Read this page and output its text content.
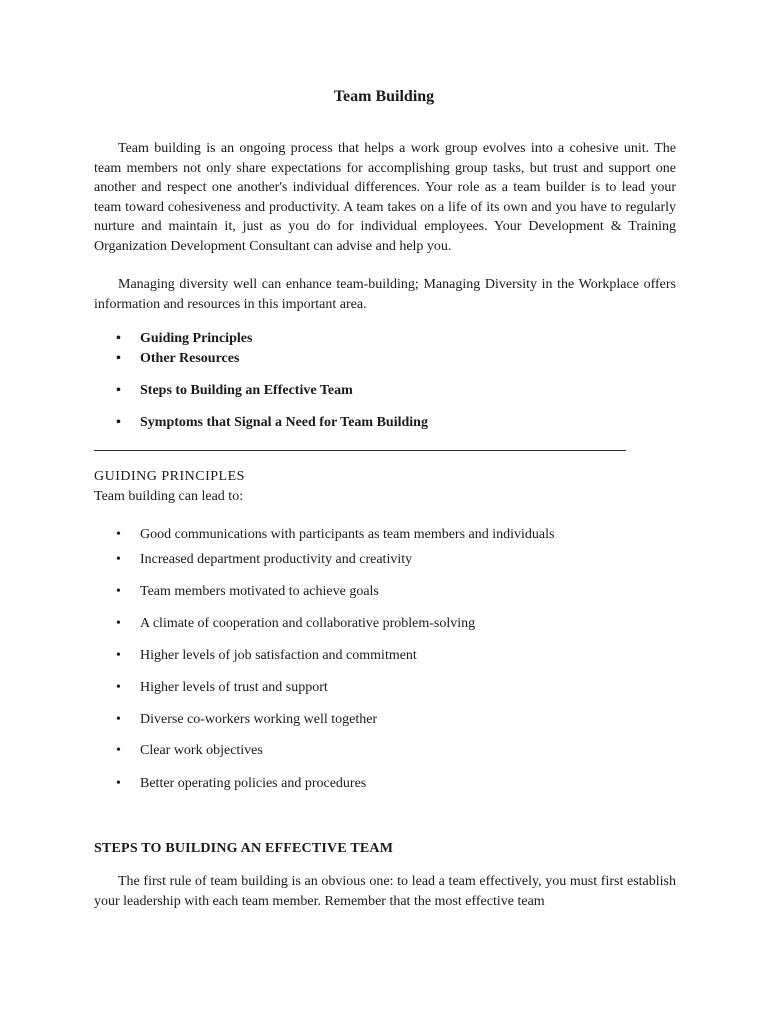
Team Building
Team building is an ongoing process that helps a work group evolves into a cohesive unit. The team members not only share expectations for accomplishing group tasks, but trust and support one another and respect one another's individual differences. Your role as a team builder is to lead your team toward cohesiveness and productivity. A team takes on a life of its own and you have to regularly nurture and maintain it, just as you do for individual employees. Your Development & Training Organization Development Consultant can advise and help you.
Managing diversity well can enhance team-building; Managing Diversity in the Workplace offers information and resources in this important area.
• Guiding Principles
• Other Resources
• Steps to Building an Effective Team
• Symptoms that Signal a Need for Team Building
GUIDING PRINCIPLES
Team building can lead to:
• Good communications with participants as team members and individuals
• Increased department productivity and creativity
• Team members motivated to achieve goals
• A climate of cooperation and collaborative problem-solving
• Higher levels of job satisfaction and commitment
• Higher levels of trust and support
• Diverse co-workers working well together
• Clear work objectives
• Better operating policies and procedures
STEPS TO BUILDING AN EFFECTIVE TEAM
The first rule of team building is an obvious one: to lead a team effectively, you must first establish your leadership with each team member. Remember that the most effective team
